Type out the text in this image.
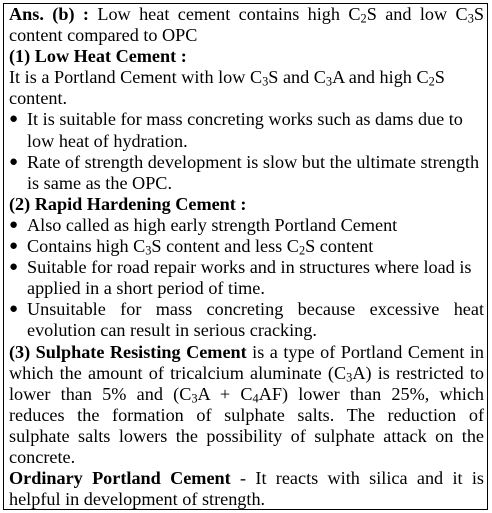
Ans. (b) : Low heat cement contains high $C_2S$ and low $C_3S$ content compared to OPC

(1) Low Heat Cement :

It is a Portland Cement with low $C_3S$ and $C_3A$ and high $C_2S$ content.

● It is suitable for mass concreting works such as dams due to low heat of hydration.
● Rate of strength development is slow but the ultimate strength is same as the OPC.

(2) Rapid Hardening Cement :

● Also called as high early strength Portland Cement
● Contains high $C_3S$ content and less $C_2S$ content
● Suitable for road repair works and in structures where load is applied in a short period of time.
● Unsuitable for mass concreting because excessive heat evolution can result in serious cracking.

(3) Sulphate Resisting Cement is a type of Portland Cement in which the amount of tricalcium aluminate $(C_3A)$ is restricted to lower than 5% and $(C_3A + C_4AF)$ lower than 25%, which reduces the formation of sulphate salts. The reduction of sulphate salts lowers the possibility of sulphate attack on the concrete.

Ordinary Portland Cement - It reacts with silica and it is helpful in development of strength.
